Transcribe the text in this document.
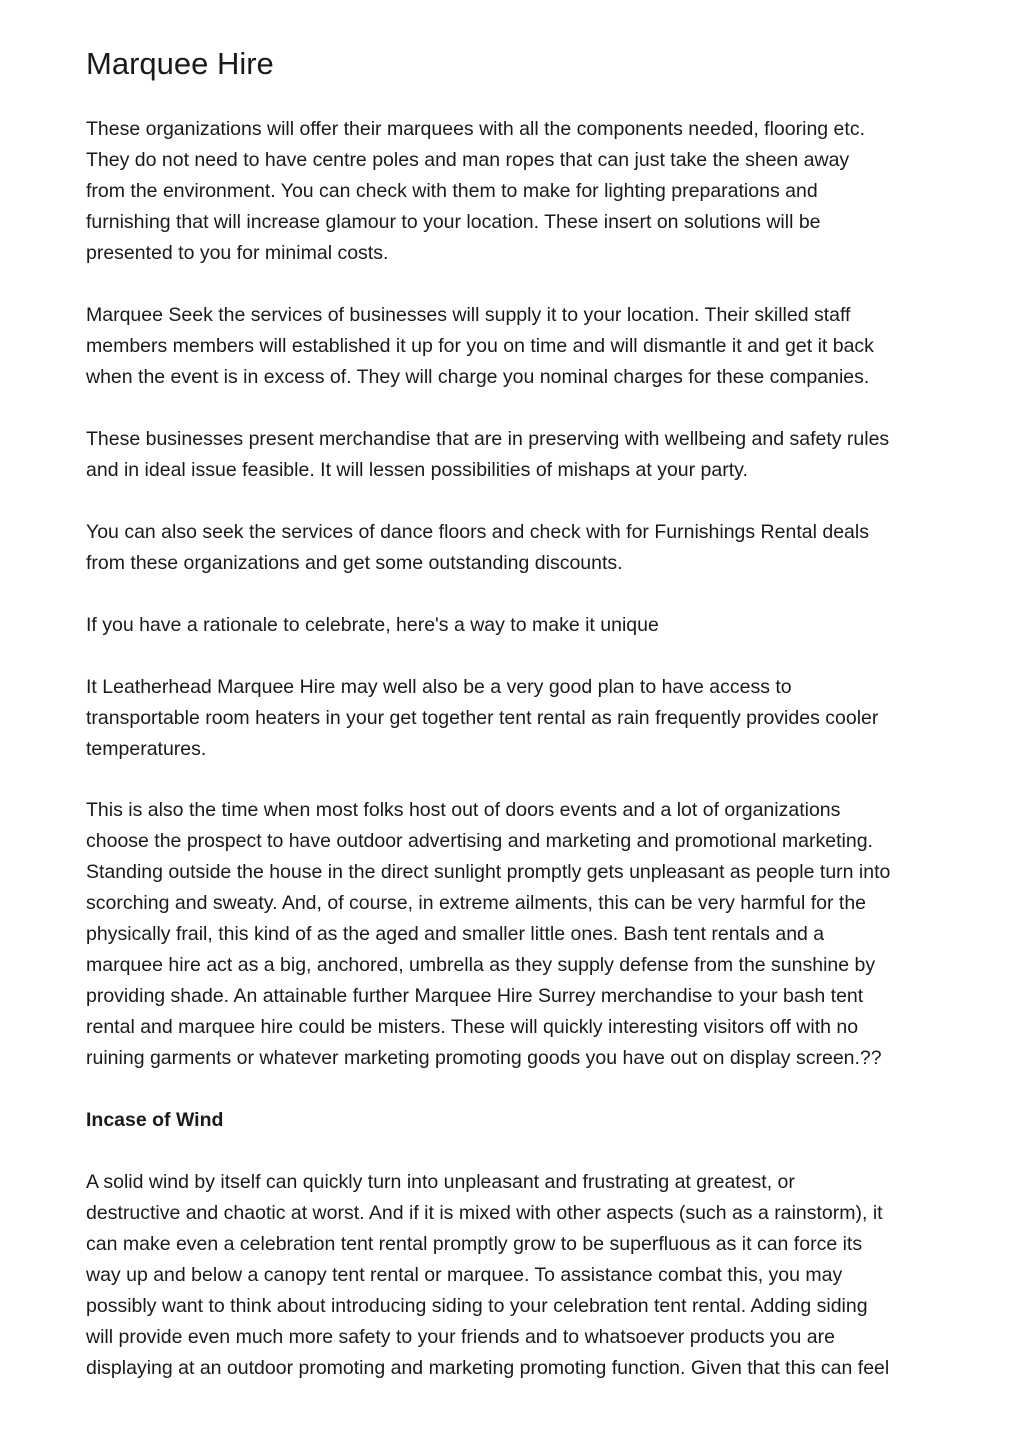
Marquee Hire

These organizations will offer their marquees with all the components needed, flooring etc.
They do not need to have centre poles and man ropes that can just take the sheen away
from the environment. You can check with them to make for lighting preparations and
furnishing that will increase glamour to your location. These insert on solutions will be
presented to you for minimal costs.

Marquee Seek the services of businesses will supply it to your location. Their skilled staff
members members will established it up for you on time and will dismantle it and get it back
when the event is in excess of. They will charge you nominal charges for these companies.

These businesses present merchandise that are in preserving with wellbeing and safety rules
and in ideal issue feasible. It will lessen possibilities of mishaps at your party.

You can also seek the services of dance floors and check with for Furnishings Rental deals
from these organizations and get some outstanding discounts.

If you have a rationale to celebrate, here's a way to make it unique

It Leatherhead Marquee Hire may well also be a very good plan to have access to
transportable room heaters in your get together tent rental as rain frequently provides cooler
temperatures.

This is also the time when most folks host out of doors events and a lot of organizations
choose the prospect to have outdoor advertising and marketing and promotional marketing.
Standing outside the house in the direct sunlight promptly gets unpleasant as people turn into
scorching and sweaty. And, of course, in extreme ailments, this can be very harmful for the
physically frail, this kind of as the aged and smaller little ones. Bash tent rentals and a
marquee hire act as a big, anchored, umbrella as they supply defense from the sunshine by
providing shade. An attainable further Marquee Hire Surrey merchandise to your bash tent
rental and marquee hire could be misters. These will quickly interesting visitors off with no
ruining garments or whatever marketing promoting goods you have out on display screen.??

Incase of Wind

A solid wind by itself can quickly turn into unpleasant and frustrating at greatest, or
destructive and chaotic at worst. And if it is mixed with other aspects (such as a rainstorm), it
can make even a celebration tent rental promptly grow to be superfluous as it can force its
way up and below a canopy tent rental or marquee. To assistance combat this, you may
possibly want to think about introducing siding to your celebration tent rental. Adding siding
will provide even much more safety to your friends and to whatsoever products you are
displaying at an outdoor promoting and marketing promoting function. Given that this can feel
